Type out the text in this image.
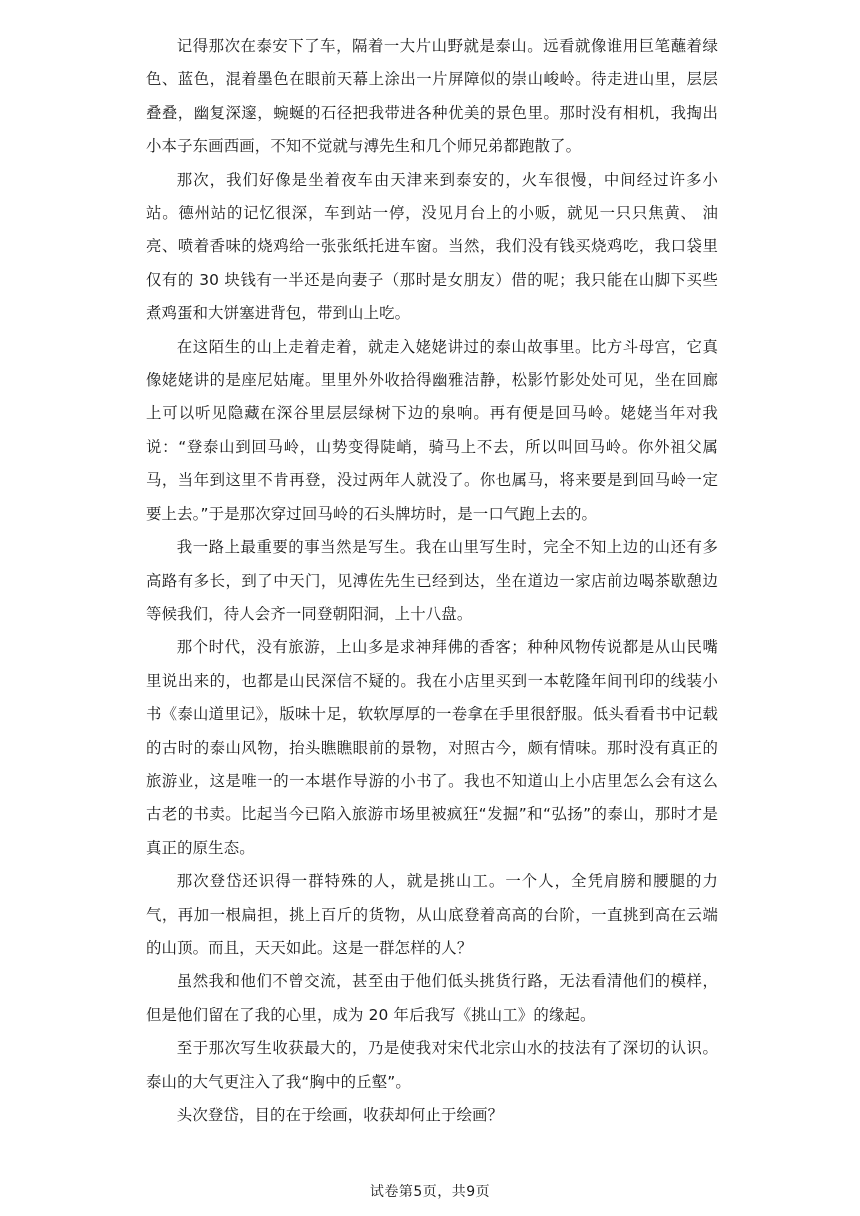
记得那次在泰安下了车，隔着一大片山野就是泰山。远看就像谁用巨笔蘸着绿色、蓝色，混着墨色在眼前天幕上涂出一片屏障似的崇山峻岭。待走进山里，层层叠叠，幽复深邃，蜿蜒的石径把我带进各种优美的景色里。那时没有相机，我掏出小本子东画西画，不知不觉就与溥先生和几个师兄弟都跑散了。

那次，我们好像是坐着夜车由天津来到泰安的，火车很慢，中间经过许多小站。德州站的记忆很深，车到站一停，没见月台上的小贩，就见一只只焦黄、 油亮、喷着香味的烧鸡给一张张纸托进车窗。当然，我们没有钱买烧鸡吃，我口袋里仅有的 30 块钱有一半还是向妻子（那时是女朋友）借的呢；我只能在山脚下买些煮鸡蛋和大饼塞进背包，带到山上吃。

在这陌生的山上走着走着，就走入姥姥讲过的泰山故事里。比方斗母宫，它真像姥姥讲的是座尼姑庵。里里外外收拾得幽雅洁静，松影竹影处处可见，坐在回廊上可以听见隐藏在深谷里层层绿树下边的泉响。再有便是回马岭。姥姥当年对我说：“登泰山到回马岭，山势变得陡峭，骑马上不去，所以叫回马岭。你外祖父属马，当年到这里不肯再登，没过两年人就没了。你也属马，将来要是到回马岭一定要上去。”于是那次穿过回马岭的石头牌坊时，是一口气跑上去的。

我一路上最重要的事当然是写生。我在山里写生时，完全不知上边的山还有多高路有多长，到了中天门，见溥佐先生已经到达，坐在道边一家店前边喝茶歇憩边等候我们，待人会齐一同登朝阳洞，上十八盘。

那个时代，没有旅游，上山多是求神拜佛的香客；种种风物传说都是从山民嘴里说出来的，也都是山民深信不疑的。我在小店里买到一本乾隆年间刊印的线装小书《泰山道里记》，版味十足，软软厚厚的一卷拿在手里很舒服。低头看看书中记载的古时的泰山风物，抬头瞧瞧眼前的景物，对照古今，颇有情味。那时没有真正的旅游业，这是唯一的一本堪作导游的小书了。我也不知道山上小店里怎么会有这么古老的书卖。比起当今已陷入旅游市场里被疯狂“发掘”和“弘扬”的泰山，那时才是真正的原生态。

那次登岱还识得一群特殊的人，就是挑山工。一个人，全凭肩膀和腰腿的力气，再加一根扁担，挑上百斤的货物，从山底登着高高的台阶，一直挑到高在云端的山顶。而且，天天如此。这是一群怎样的人？

虽然我和他们不曾交流，甚至由于他们低头挑货行路，无法看清他们的模样，但是他们留在了我的心里，成为 20 年后我写《挑山工》的缘起。

至于那次写生收获最大的，乃是使我对宋代北宗山水的技法有了深切的认识。泰山的大气更注入了我“胸中的丘壑”。

头次登岱，目的在于绘画，收获却何止于绘画？

试卷第5页，共9页
